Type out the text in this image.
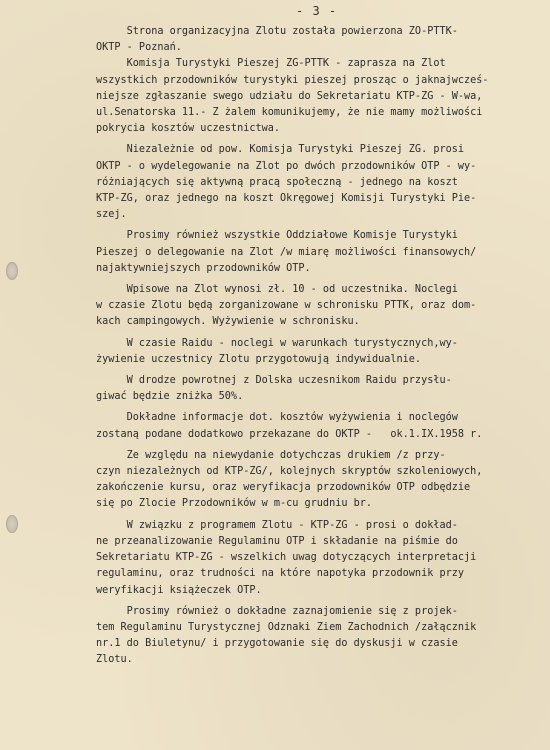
- 3 -
Strona organizacyjna Zlotu została powierzona ZO-PTTK-
OKTP - Poznań.
Komisja Turystyki Pieszej ZG-PTTK - zaprasza na Zlot
wszystkich przodowników turystyki pieszej prosząc o jaknajwcześ-
niejsze zgłaszanie swego udziału do Sekretariatu KTP-ZG - W-wa,
ul.Senatorska 11.- Z żalem komunikujemy, że nie mamy możliwości
pokrycia kosztów uczestnictwa.
Niezależnie od pow. Komisja Turystyki Pieszej ZG. prosi
OKTP - o wydelegowanie na Zlot po dwóch przodowników OTP - wy-
różniających się aktywną pracą społeczną - jednego na koszt
KTP-ZG, oraz jednego na koszt Okręgowej Komisji Turystyki Pie-
szej.
Prosimy również wszystkie Oddziałowe Komisje Turystyki
Pieszej o delegowanie na Zlot /w miarę możliwości finansowych/
najaktywniejszych przodowników OTP.
Wpisowe na Zlot wynosi zł. 10 - od uczestnika. Noclegi
w czasie Zlotu będą zorganizowane w schronisku PTTK, oraz dom-
kach campingowych. Wyżywienie w schronisku.
W czasie Raidu - noclegi w warunkach turystycznych,wy-
żywienie uczestnicy Zlotu przygotowują indywidualnie.
W drodze powrotnej z Dolska uczesnikom Raidu przysłu-
giwać będzie zniżka 50%.
Dokładne informacje dot. kosztów wyżywienia i noclegów
zostaną podane dodatkowo przekazane do OKTP -   ok.1.IX.1958 r.
Ze względu na niewydanie dotychczas drukiem /z przy-
czyn niezależnych od KTP-ZG/, kolejnych skryptów szkoleniowych,
zakończenie kursu, oraz weryfikacja przodowników OTP odbędzie
się po Zlocie Przodowników w m-cu grudniu br.
W związku z programem Zlotu - KTP-ZG - prosi o dokład-
ne przeanalizowanie Regulaminu OTP i składanie na piśmie do
Sekretariatu KTP-ZG - wszelkich uwag dotyczących interpretacji
regulaminu, oraz trudności na które napotyka przodownik przy
weryfikacji książeczek OTP.
Prosimy również o dokładne zaznajomienie się z projek-
tem Regulaminu Turystycznej Odznaki Ziem Zachodnich /załącznik
nr.1 do Biuletynu/ i przygotowanie się do dyskusji w czasie
Zlotu.
